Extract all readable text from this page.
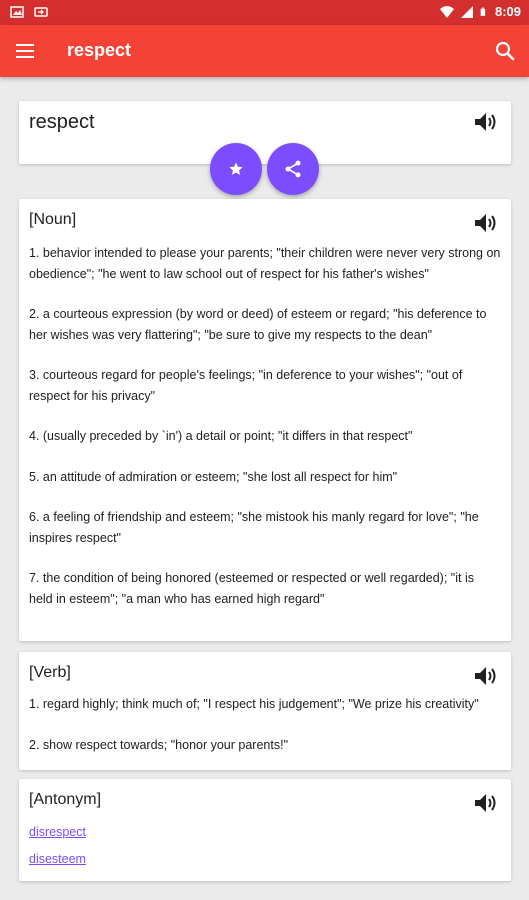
8:09
respect
respect
[Noun]
1. behavior intended to please your parents; "their children were never very strong on obedience"; "he went to law school out of respect for his father's wishes"
2. a courteous expression (by word or deed) of esteem or regard; "his deference to her wishes was very flattering"; "be sure to give my respects to the dean"
3. courteous regard for people's feelings; "in deference to your wishes"; "out of respect for his privacy"
4. (usually preceded by `in') a detail or point; "it differs in that respect"
5. an attitude of admiration or esteem; "she lost all respect for him"
6. a feeling of friendship and esteem; "she mistook his manly regard for love"; "he inspires respect"
7. the condition of being honored (esteemed or respected or well regarded); "it is held in esteem"; "a man who has earned high regard"
[Verb]
1. regard highly; think much of; "I respect his judgement"; "We prize his creativity"
2. show respect towards; "honor your parents!"
[Antonym]
disrespect
disesteem
